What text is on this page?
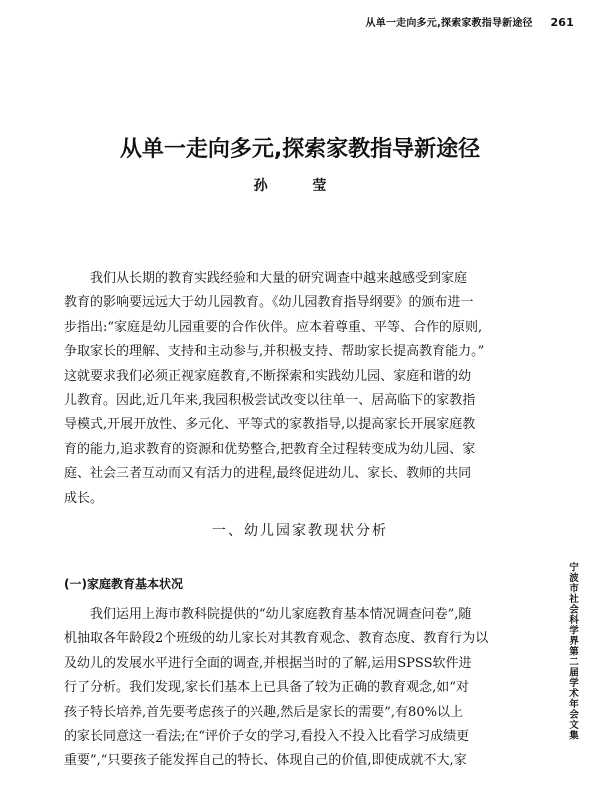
从单一走向多元,探索家教指导新途径 261
从单一走向多元,探索家教指导新途径
孙 莹
我们从长期的教育实践经验和大量的研究调查中越来越感受到家庭
教育的影响要远远大于幼儿园教育。《幼儿园教育指导纲要》的颁布进一
步指出:“家庭是幼儿园重要的合作伙伴。应本着尊重、平等、合作的原则,
争取家长的理解、支持和主动参与,并积极支持、帮助家长提高教育能力。”
这就要求我们必须正视家庭教育,不断探索和实践幼儿园、家庭和谐的幼
儿教育。因此,近几年来,我园积极尝试改变以往单一、居高临下的家教指
导模式,开展开放性、多元化、平等式的家教指导,以提高家长开展家庭教
育的能力,追求教育的资源和优势整合,把教育全过程转变成为幼儿园、家
庭、社会三者互动而又有活力的进程,最终促进幼儿、家长、教师的共同
成长。
一、幼儿园家教现状分析
(一)家庭教育基本状况
我们运用上海市教科院提供的“幼儿家庭教育基本情况调查问卷”,随
机抽取各年龄段2个班级的幼儿家长对其教育观念、教育态度、教育行为以
及幼儿的发展水平进行全面的调查,并根据当时的了解,运用SPSS软件进
行了分析。我们发现,家长们基本上已具备了较为正确的教育观念,如“对
孩子特长培养,首先要考虑孩子的兴趣,然后是家长的需要”,有80%以上
的家长同意这一看法;在“评价子女的学习,看投入不投入比看学习成绩更
重要”,“只要孩子能发挥自己的特长、体现自己的价值,即使成就不大,家
宁波市社会科学界第二届学术年会文集
